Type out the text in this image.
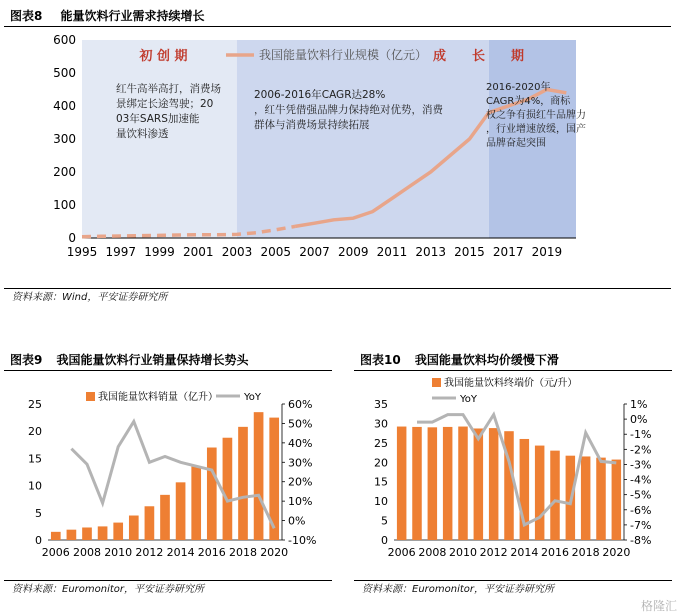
图表8 能量饮料行业需求持续增长
初 创 期	成　　长　　期
0
100
200
300
400
500
600
1995 1997 1999 2001 2003 2005 2007 2009 2011 2013 2015 2017 2019
我国能量饮料行业规模（亿元）
红牛高举高打，消费场景绑定长途驾驶；20 03年SARS加速能量饮料渗透
2006-2016年CAGR达28%，红牛凭借强品牌力保持绝对优势，消费群体与消费场景持续拓展
2016-2020年 CAGR为4%，商标权之争有损红牛品牌力，行业增速放缓，国产品牌奋起突围
资料来源：Wind，平安证券研究所
图表9 我国能量饮料行业销量保持增长势头
0
5
10
15
20
25
-10%
0%
10%
20%
30%
40%
50%
60%
2006 2008 2010 2012 2014 2016 2018 2020
我国能量饮料销量（亿升）	YoY
资料来源：Euromonitor，平安证券研究所
图表10 我国能量饮料均价缓慢下滑
0
5
10
15
20
25
30
35
-8%
-7%
-6%
-5%
-4%
-3%
-2%
-1%
0%
1%
2006 2008 2010 2012 2014 2016 2018 2020
我国能量饮料终端价（元/升）
YoY
资料来源：Euromonitor，平安证券研究所
格隆汇
